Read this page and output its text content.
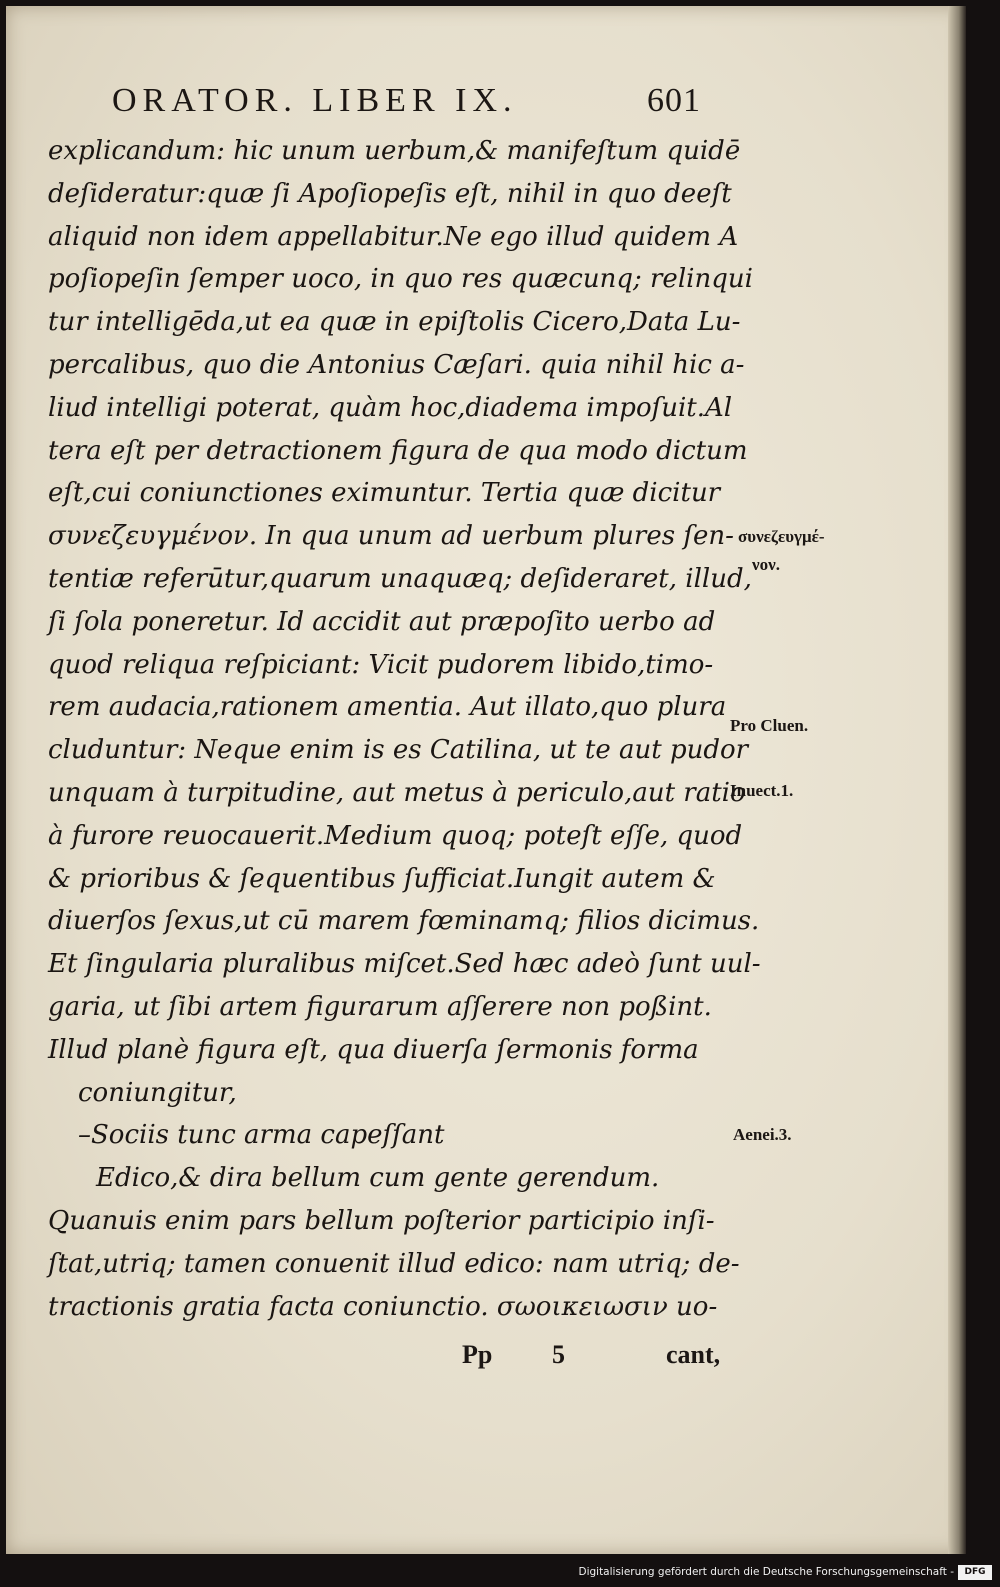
ORATOR. LIBER IX.	601
explicandum: hic unum uerbum,& manifeſtum quidē
deſideratur:quæ ſi Apoſiopeſis eſt, nihil in quo deeſt
aliquid non idem appellabitur.Ne ego illud quidem A
poſiopeſin ſemper uoco, in quo res quæcunq; relinqui
tur intelligēda,ut ea quæ in epiſtolis Cicero,Data Lu-
percalibus, quo die Antonius Cæſari. quia nihil hic a-
liud intelligi poterat, quàm hoc,diadema impoſuit.Al
tera eſt per detractionem figura de qua modo dictum
eſt,cui coniunctiones eximuntur. Tertia quæ dicitur
συνεζευγμένον. In qua unum ad uerbum plures ſen-
tentiæ referūtur,quarum unaquæq; deſideraret, illud,
ſi ſola poneretur. Id accidit aut præpoſito uerbo ad
quod reliqua reſpiciant: Vicit pudorem libido,timo-
rem audacia,rationem amentia. Aut illato,quo plura
cluduntur: Neque enim is es Catilina, ut te aut pudor
unquam à turpitudine, aut metus à periculo,aut ratio
à furore reuocauerit.Medium quoq; poteſt eſſe, quod
& prioribus & ſequentibus ſufficiat.Iungit autem &
diuerſos ſexus,ut cū marem fœminamq; filios dicimus.
Et ſingularia pluralibus miſcet.Sed hæc adeò ſunt uul-
garia, ut ſibi artem figurarum aſſerere non poßint.
Illud planè figura eſt, qua diuerſa ſermonis forma
coniungitur,
–Sociis tunc arma capeſſant
Edico,& dira bellum cum gente gerendum.
Quanuis enim pars bellum poſterior participio inſi-
ſtat,utriq; tamen conuenit illud edico: nam utriq; de-
tractionis gratia facta coniunctio. σωοικειωσιν uo-
συνεζευγμέ-
νον.
Pro Cluen.
Inuect.1.
Aenei.3.
Pp 5	cant,
Digitalisierung gefördert durch die Deutsche Forschungsgemeinschaft -	DFG
